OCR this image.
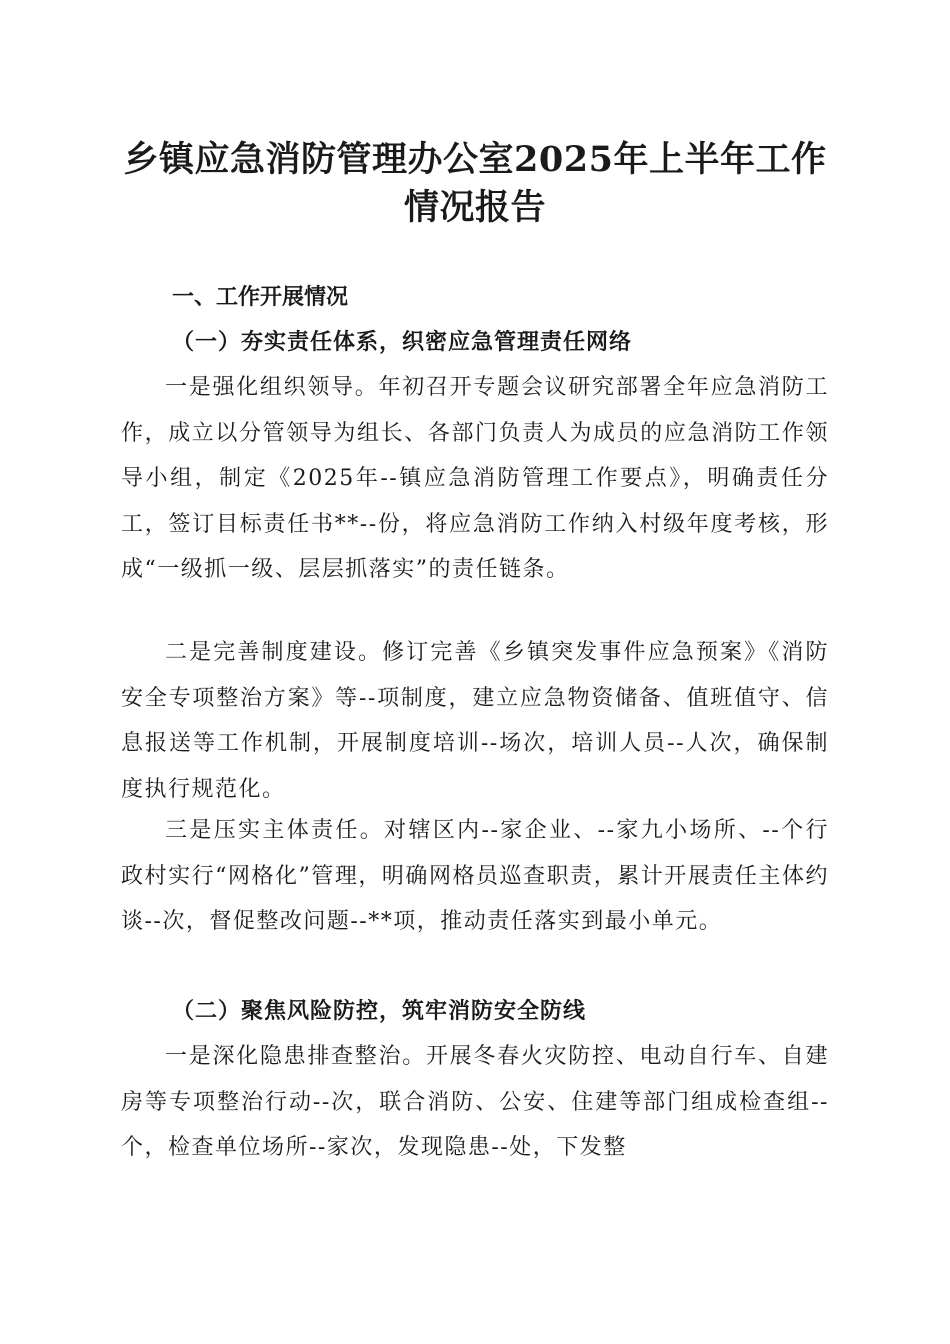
乡镇应急消防管理办公室2025年上半年工作
情况报告
一、工作开展情况
（一）夯实责任体系，织密应急管理责任网络

一是强化组织领导。年初召开专题会议研究部署全年应急消防工作，成立以分管领导为组长、各部门负责人为成员的应急消防工作领导小组，制定《2025年--镇应急消防管理工作要点》，明确责任分工，签订目标责任书**--份，将应急消防工作纳入村级年度考核，形成“一级抓一级、层层抓落实”的责任链条。

二是完善制度建设。修订完善《乡镇突发事件应急预案》《消防安全专项整治方案》等--项制度，建立应急物资储备、值班值守、信息报送等工作机制，开展制度培训--场次，培训人员--人次，确保制度执行规范化。

三是压实主体责任。对辖区内--家企业、--家九小场所、--个行政村实行“网格化”管理，明确网格员巡查职责，累计开展责任主体约谈--次，督促整改问题--**项，推动责任落实到最小单元。

（二）聚焦风险防控，筑牢消防安全防线

一是深化隐患排查整治。开展冬春火灾防控、电动自行车、自建房等专项整治行动--次，联合消防、公安、住建等部门组成检查组--个，检查单位场所--家次，发现隐患--处，下发整
